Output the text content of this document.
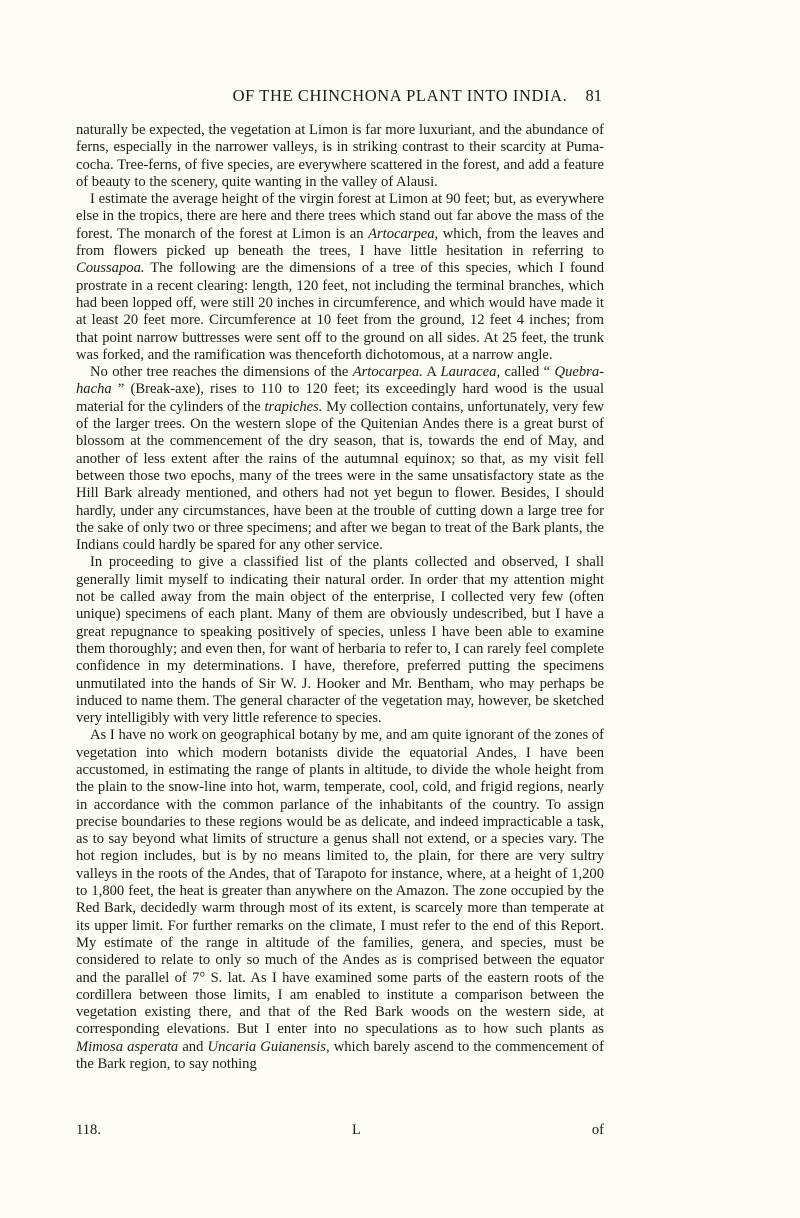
OF THE CHINCHONA PLANT INTO INDIA.	81

naturally be expected, the vegetation at Limon is far more luxuriant, and the abundance of ferns, especially in the narrower valleys, is in striking contrast to their scarcity at Puma-cocha. Tree-ferns, of five species, are everywhere scattered in the forest, and add a feature of beauty to the scenery, quite wanting in the valley of Alausi.

I estimate the average height of the virgin forest at Limon at 90 feet; but, as everywhere else in the tropics, there are here and there trees which stand out far above the mass of the forest. The monarch of the forest at Limon is an Artocarpea, which, from the leaves and from flowers picked up beneath the trees, I have little hesitation in referring to Coussapoa. The following are the dimensions of a tree of this species, which I found prostrate in a recent clearing: length, 120 feet, not including the terminal branches, which had been lopped off, were still 20 inches in circumference, and which would have made it at least 20 feet more. Circumference at 10 feet from the ground, 12 feet 4 inches; from that point narrow buttresses were sent off to the ground on all sides. At 25 feet, the trunk was forked, and the ramification was thenceforth dichotomous, at a narrow angle.

No other tree reaches the dimensions of the Artocarpea. A Lauracea, called “ Quebra-hacha ” (Break-axe), rises to 110 to 120 feet; its exceedingly hard wood is the usual material for the cylinders of the trapiches. My collection contains, unfortunately, very few of the larger trees. On the western slope of the Quitenian Andes there is a great burst of blossom at the commencement of the dry season, that is, towards the end of May, and another of less extent after the rains of the autumnal equinox; so that, as my visit fell between those two epochs, many of the trees were in the same unsatisfactory state as the Hill Bark already mentioned, and others had not yet begun to flower. Besides, I should hardly, under any circumstances, have been at the trouble of cutting down a large tree for the sake of only two or three specimens; and after we began to treat of the Bark plants, the Indians could hardly be spared for any other service.

In proceeding to give a classified list of the plants collected and observed, I shall generally limit myself to indicating their natural order. In order that my attention might not be called away from the main object of the enterprise, I collected very few (often unique) specimens of each plant. Many of them are obviously undescribed, but I have a great repugnance to speaking positively of species, unless I have been able to examine them thoroughly; and even then, for want of herbaria to refer to, I can rarely feel complete confidence in my determinations. I have, therefore, preferred putting the specimens unmutilated into the hands of Sir W. J. Hooker and Mr. Bentham, who may perhaps be induced to name them. The general character of the vegetation may, however, be sketched very intelligibly with very little reference to species.

As I have no work on geographical botany by me, and am quite ignorant of the zones of vegetation into which modern botanists divide the equatorial Andes, I have been accustomed, in estimating the range of plants in altitude, to divide the whole height from the plain to the snow-line into hot, warm, temperate, cool, cold, and frigid regions, nearly in accordance with the common parlance of the inhabitants of the country. To assign precise boundaries to these regions would be as delicate, and indeed impracticable a task, as to say beyond what limits of structure a genus shall not extend, or a species vary. The hot region includes, but is by no means limited to, the plain, for there are very sultry valleys in the roots of the Andes, that of Tarapoto for instance, where, at a height of 1,200 to 1,800 feet, the heat is greater than anywhere on the Amazon. The zone occupied by the Red Bark, decidedly warm through most of its extent, is scarcely more than temperate at its upper limit. For further remarks on the climate, I must refer to the end of this Report. My estimate of the range in altitude of the families, genera, and species, must be considered to relate to only so much of the Andes as is comprised between the equator and the parallel of 7° S. lat. As I have examined some parts of the eastern roots of the cordillera between those limits, I am enabled to institute a comparison between the vegetation existing there, and that of the Red Bark woods on the western side, at corresponding elevations. But I enter into no speculations as to how such plants as Mimosa asperata and Uncaria Guianensis, which barely ascend to the commencement of the Bark region, to say nothing

118.	L	of
